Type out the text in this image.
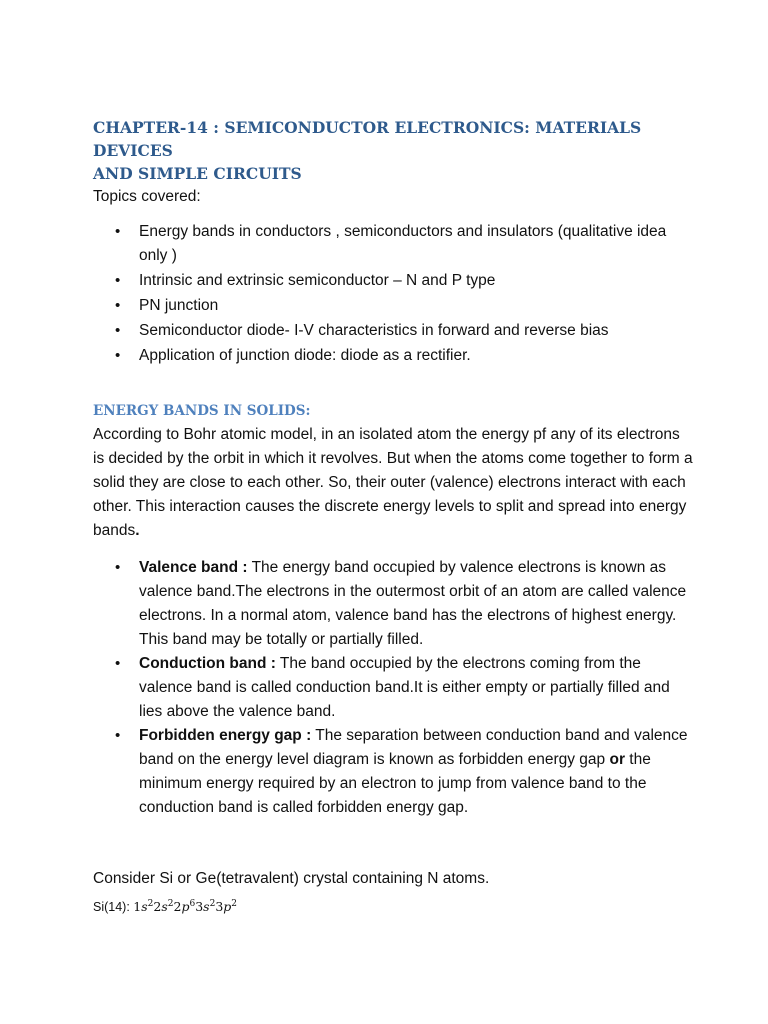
CHAPTER-14 : SEMICONDUCTOR ELECTRONICS: MATERIALS DEVICES
AND SIMPLE CIRCUITS

Topics covered:

• Energy bands in conductors , semiconductors and insulators (qualitative idea only )
• Intrinsic and extrinsic semiconductor – N and P type
• PN junction
• Semiconductor diode- I-V characteristics in forward and reverse bias
• Application of junction diode: diode as a rectifier.
ENERGY BANDS IN SOLIDS:

According to Bohr atomic model, in an isolated atom the energy pf any of its electrons is decided by the orbit in which it revolves. But when the atoms come together to form a solid they are close to each other. So, their outer (valence) electrons interact with each other. This interaction causes the discrete energy levels to split and spread into energy bands.

• Valence band : The energy band occupied by valence electrons is known as valence band.The electrons in the outermost orbit of an atom are called valence electrons. In a normal atom, valence band has the electrons of highest energy. This band may be totally or partially filled.
• Conduction band : The band occupied by the electrons coming from the valence band is called conduction band.It is either empty or partially filled and lies above the valence band.
• Forbidden energy gap : The separation between conduction band and valence band on the energy level diagram is known as forbidden energy gap or the minimum energy required by an electron to jump from valence band to the conduction band is called forbidden energy gap.

Consider Si or Ge(tetravalent) crystal containing N atoms.

Si(14): $1s^22s^22p^63s^23p^2$
